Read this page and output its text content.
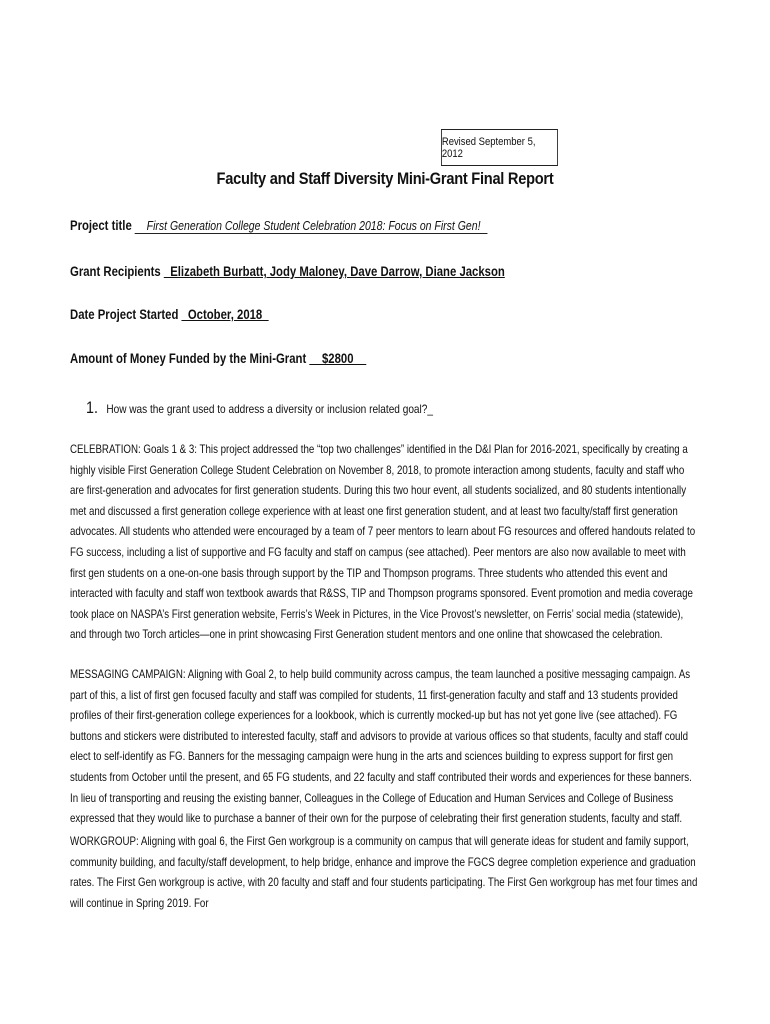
Revised September 5, 2012
Faculty and Staff Diversity Mini-Grant Final Report
Project title First Generation College Student Celebration 2018: Focus on First Gen!
Grant Recipients _Elizabeth Burbatt, Jody Maloney, Dave Darrow, Diane Jackson
Date Project Started _October, 2018_
Amount of Money Funded by the Mini-Grant __$2800__
1. How was the grant used to address a diversity or inclusion related goal?_

CELEBRATION: Goals 1 & 3: This project addressed the “top two challenges” identified in the D&I Plan for 2016-2021, specifically by creating a highly visible First Generation College Student Celebration on November 8, 2018, to promote interaction among students, faculty and staff who are first-generation and advocates for first generation students. During this two hour event, all students socialized, and 80 students intentionally met and discussed a first generation college experience with at least one first generation student, and at least two faculty/staff first generation advocates. All students who attended were encouraged by a team of 7 peer mentors to learn about FG resources and offered handouts related to FG success, including a list of supportive and FG faculty and staff on campus (see attached). Peer mentors are also now available to meet with first gen students on a one-on-one basis through support by the TIP and Thompson programs. Three students who attended this event and interacted with faculty and staff won textbook awards that R&SS, TIP and Thompson programs sponsored. Event promotion and media coverage took place on NASPA’s First generation website, Ferris’s Week in Pictures, in the Vice Provost’s newsletter, on Ferris’ social media (statewide), and through two Torch articles—one in print showcasing First Generation student mentors and one online that showcased the celebration.

MESSAGING CAMPAIGN: Aligning with Goal 2, to help build community across campus, the team launched a positive messaging campaign. As part of this, a list of first gen focused faculty and staff was compiled for students, 11 first-generation faculty and staff and 13 students provided profiles of their first-generation college experiences for a lookbook, which is currently mocked-up but has not yet gone live (see attached). FG buttons and stickers were distributed to interested faculty, staff and advisors to provide at various offices so that students, faculty and staff could elect to self-identify as FG. Banners for the messaging campaign were hung in the arts and sciences building to express support for first gen students from October until the present, and 65 FG students, and 22 faculty and staff contributed their words and experiences for these banners. In lieu of transporting and reusing the existing banner, Colleagues in the College of Education and Human Services and College of Business expressed that they would like to purchase a banner of their own for the purpose of celebrating their first generation students, faculty and staff.

WORKGROUP: Aligning with goal 6, the First Gen workgroup is a community on campus that will generate ideas for student and family support, community building, and faculty/staff development, to help bridge, enhance and improve the FGCS degree completion experience and graduation rates. The First Gen workgroup is active, with 20 faculty and staff and four students participating. The First Gen workgroup has met four times and will continue in Spring 2019. For
